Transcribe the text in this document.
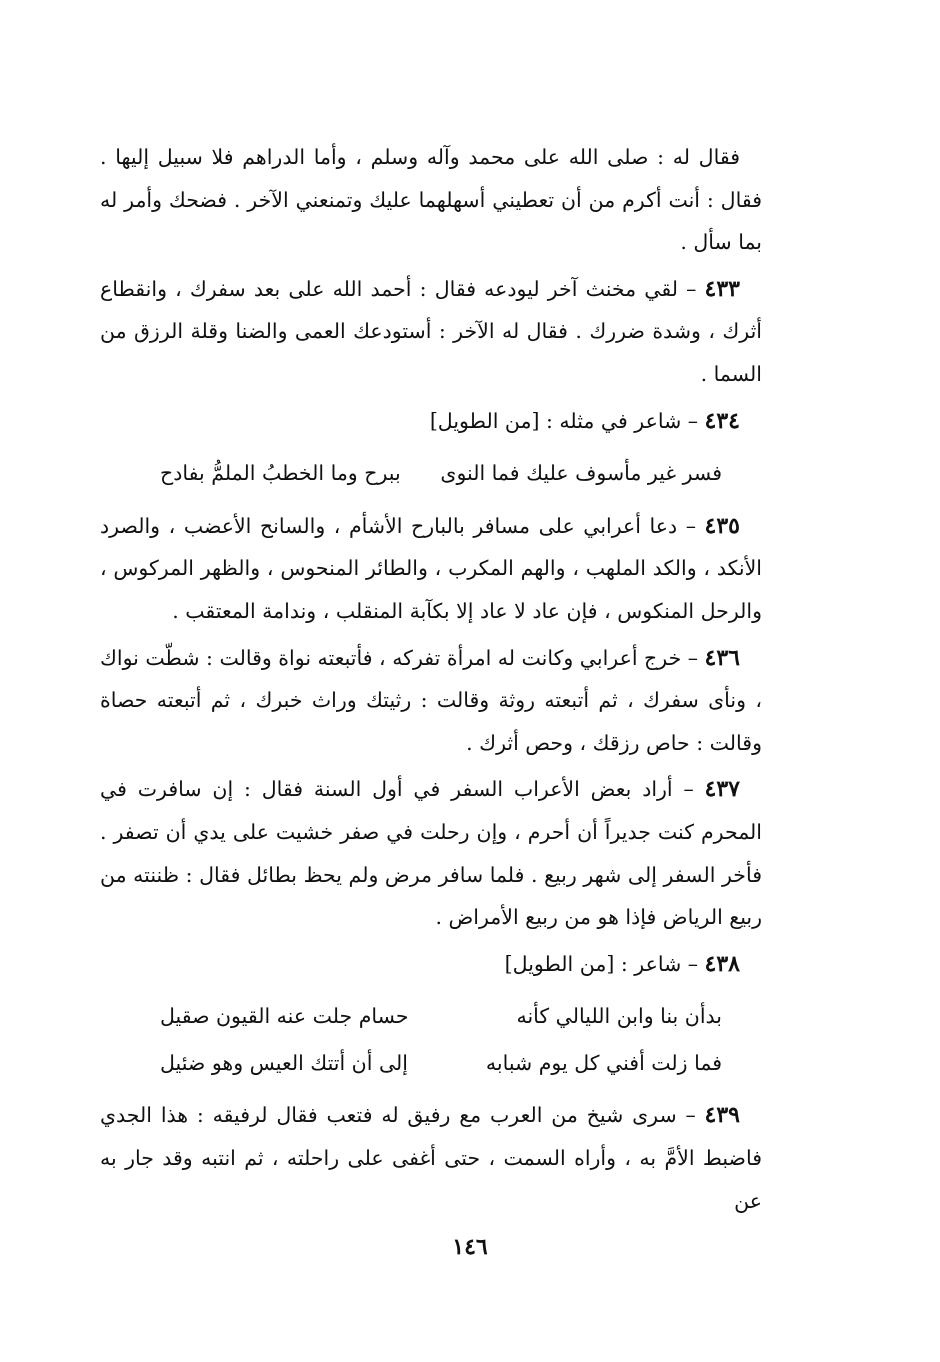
فقال له : صلى الله على محمد وآله وسلم ، وأما الدراهم فلا سبيل إليها . فقال : أنت أكرم من أن تعطيني أسهلهما عليك وتمنعني الآخر . فضحك وأمر له بما سأل .

٤٣٣ – لقي مخنث آخر ليودعه فقال : أحمد الله على بعد سفرك ، وانقطاع أثرك ، وشدة ضررك . فقال له الآخر : أستودعك العمى والضنا وقلة الرزق من السما .

٤٣٤ – شاعر في مثله : [من الطويل]

فسر غير مأسوف عليك فما النوى
ببرح وما الخطبُ الملمُّ بفادح

٤٣٥ – دعا أعرابي على مسافر بالبارح الأشأم ، والسانح الأعضب ، والصرد الأنكد ، والكد الملهب ، والهم المكرب ، والطائر المنحوس ، والظهر المركوس ، والرحل المنكوس ، فإن عاد لا عاد إلا بكآبة المنقلب ، وندامة المعتقب .

٤٣٦ – خرج أعرابي وكانت له امرأة تفركه ، فأتبعته نواة وقالت : شطّت نواك ، ونأى سفرك ، ثم أتبعته روثة وقالت : رثيتك وراث خبرك ، ثم أتبعته حصاة وقالت : حاص رزقك ، وحص أثرك .

٤٣٧ – أراد بعض الأعراب السفر في أول السنة فقال : إن سافرت في المحرم كنت جديراً أن أحرم ، وإن رحلت في صفر خشيت على يدي أن تصفر . فأخر السفر إلى شهر ربيع . فلما سافر مرض ولم يحظ بطائل فقال : ظننته من ربيع الرياض فإذا هو من ربيع الأمراض .

٤٣٨ – شاعر : [من الطويل]

بدأن بنا وابن الليالي كأنه
حسام جلت عنه القيون صقيل
فما زلت أفني كل يوم شبابه
إلى أن أتتك العيس وهو ضئيل

٤٣٩ – سرى شيخ من العرب مع رفيق له فتعب فقال لرفيقه : هذا الجدي فاضبط الأمَّ به ، وأراه السمت ، حتى أغفى على راحلته ، ثم انتبه وقد جار به عن

١٤٦
